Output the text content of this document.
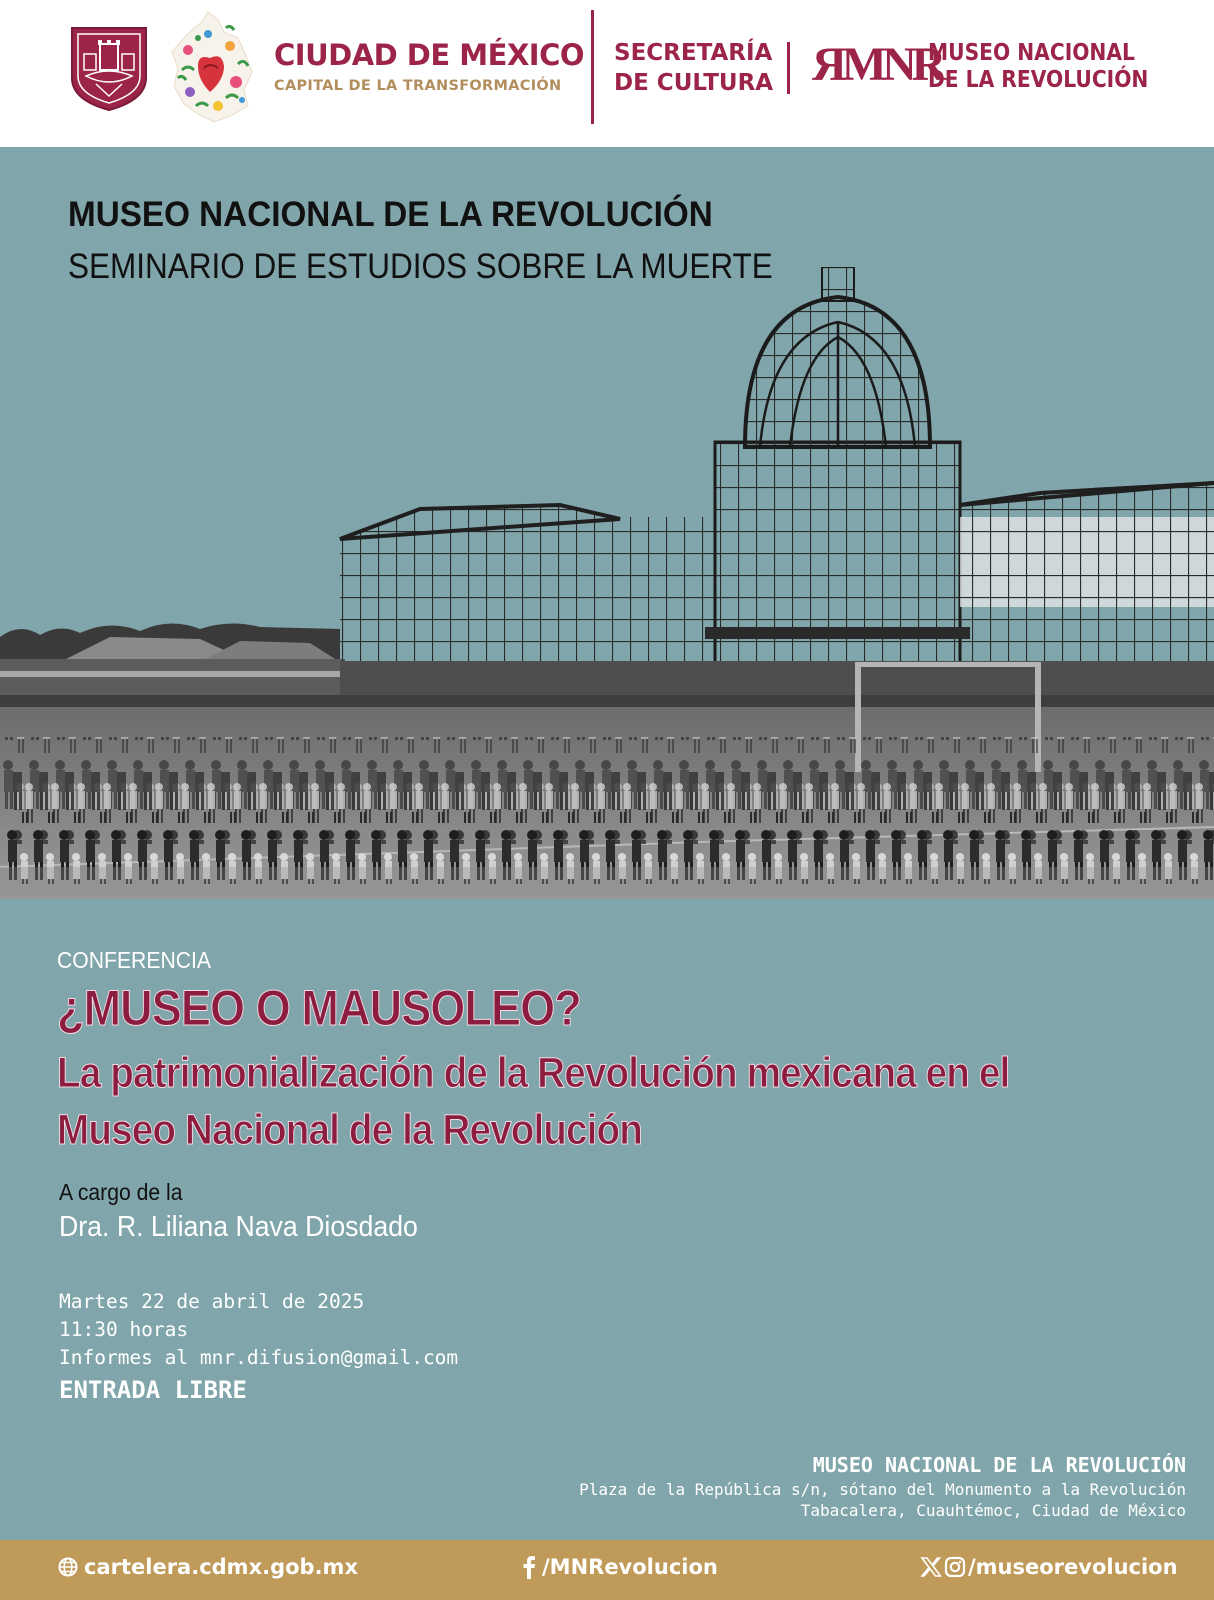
CIUDAD DE MÉXICO
CAPITAL DE LA TRANSFORMACIÓN
SECRETARÍA
DE CULTURA ЯMNR
MUSEO NACIONAL
DE LA REVOLUCIÓN
MUSEO NACIONAL DE LA REVOLUCIÓN
SEMINARIO DE ESTUDIOS SOBRE LA MUERTE
CONFERENCIA
¿MUSEO O MAUSOLEO?
La patrimonialización de la Revolución mexicana en el
Museo Nacional de la Revolución
A cargo de la
Dra. R. Liliana Nava Diosdado
Martes 22 de abril de 2025
11:30 horas
Informes al mnr.difusion@gmail.com
ENTRADA LIBRE
MUSEO NACIONAL DE LA REVOLUCIÓN
Plaza de la República s/n, sótano del Monumento a la Revolución
Tabacalera, Cuauhtémoc, Ciudad de México
cartelera.cdmx.gob.mx	/MNRevolucion	/museorevolucion
